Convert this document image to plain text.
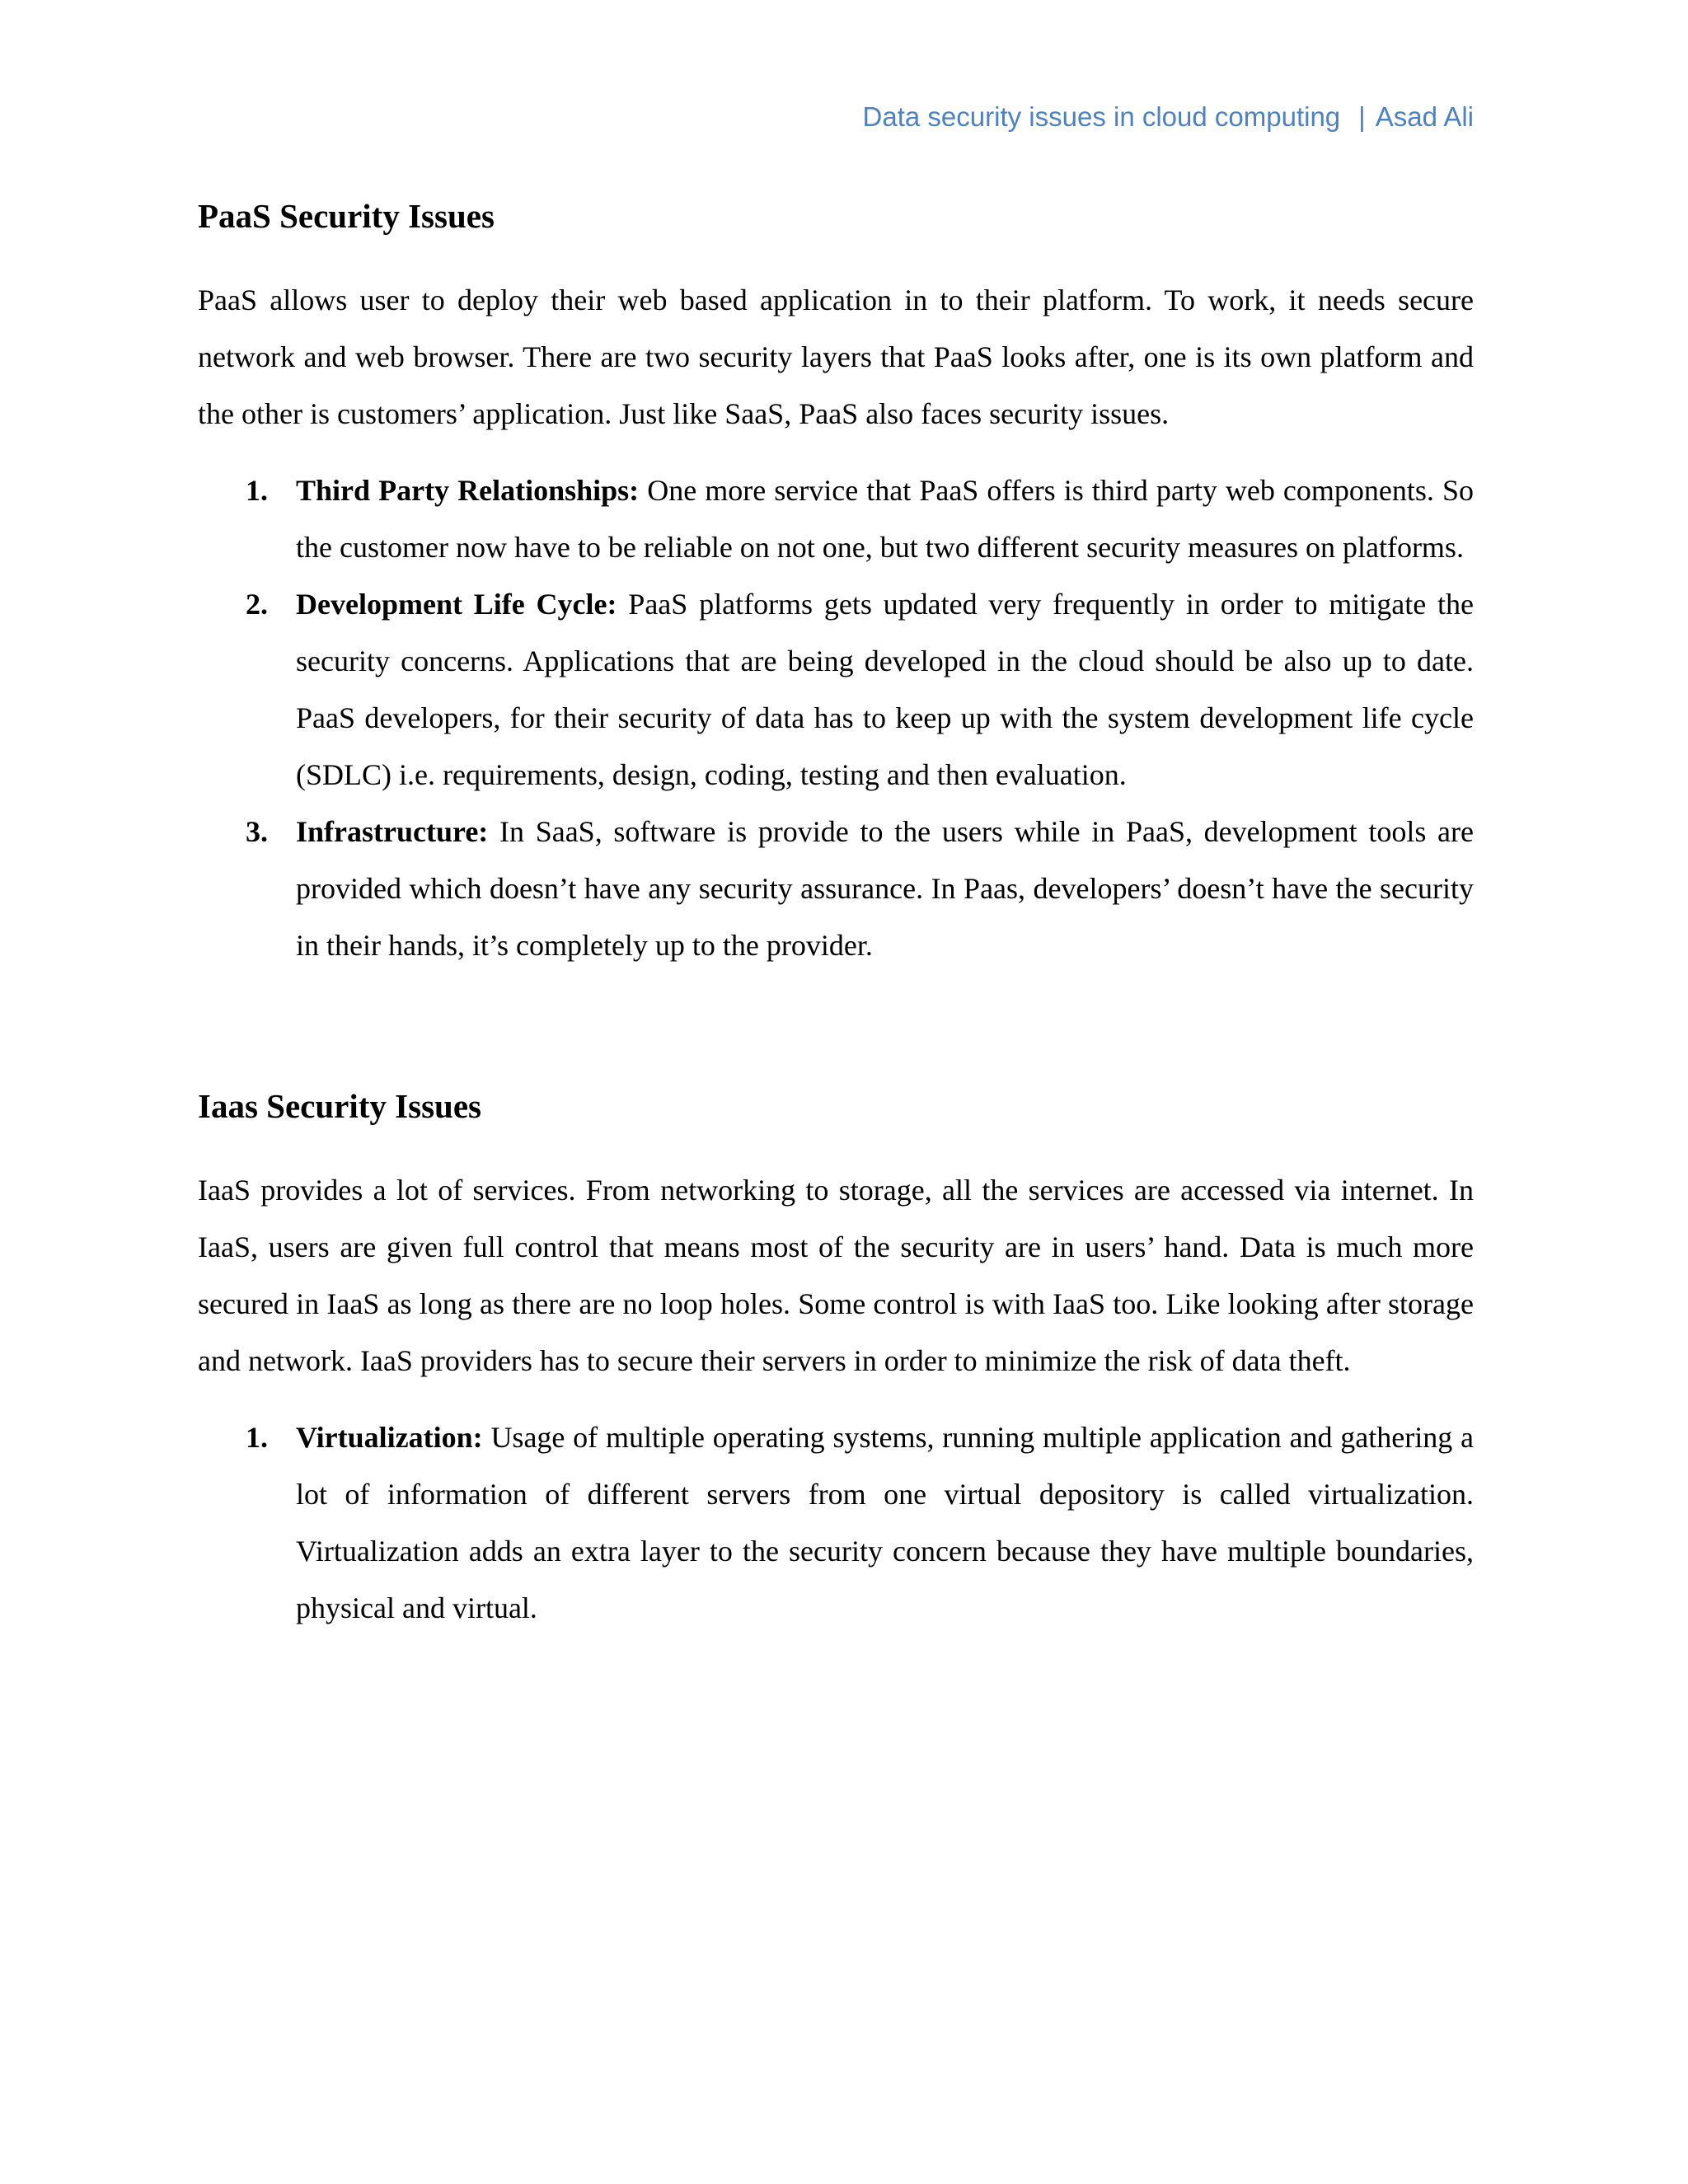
Data security issues in cloud computing | Asad Ali
PaaS Security Issues

PaaS allows user to deploy their web based application in to their platform. To work, it needs secure network and web browser. There are two security layers that PaaS looks after, one is its own platform and the other is customers’ application. Just like SaaS, PaaS also faces security issues.

1. Third Party Relationships: One more service that PaaS offers is third party web components. So the customer now have to be reliable on not one, but two different security measures on platforms.
2. Development Life Cycle: PaaS platforms gets updated very frequently in order to mitigate the security concerns. Applications that are being developed in the cloud should be also up to date. PaaS developers, for their security of data has to keep up with the system development life cycle (SDLC) i.e. requirements, design, coding, testing and then evaluation.
3. Infrastructure: In SaaS, software is provide to the users while in PaaS, development tools are provided which doesn’t have any security assurance. In Paas, developers’ doesn’t have the security in their hands, it’s completely up to the provider.
Iaas Security Issues

IaaS provides a lot of services. From networking to storage, all the services are accessed via internet. In IaaS, users are given full control that means most of the security are in users’ hand. Data is much more secured in IaaS as long as there are no loop holes. Some control is with IaaS too. Like looking after storage and network. IaaS providers has to secure their servers in order to minimize the risk of data theft.

1. Virtualization: Usage of multiple operating systems, running multiple application and gathering a lot of information of different servers from one virtual depository is called virtualization. Virtualization adds an extra layer to the security concern because they have multiple boundaries, physical and virtual.
